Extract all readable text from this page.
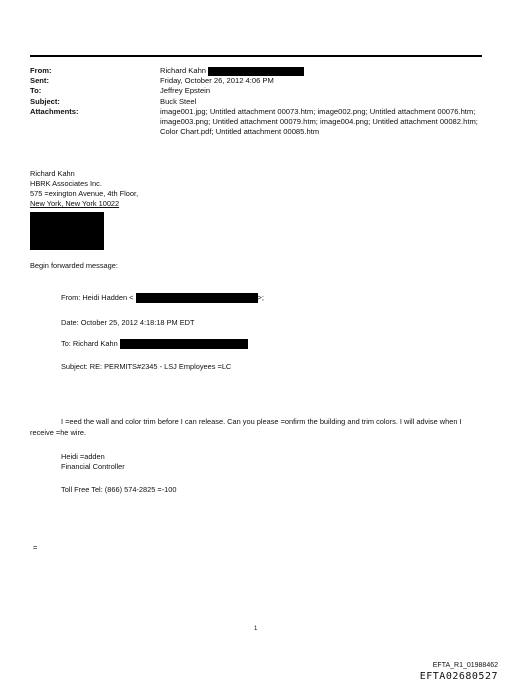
From:	Richard Kahn
Sent:	Friday, October 26, 2012 4:06 PM
To:	Jeffrey Epstein
Subject:	Buck Steel
Attachments:	image001.jpg; Untitled attachment 00073.htm; image002.png; Untitled attachment 00076.htm; image003.png; Untitled attachment 00079.htm; image004.png; Untitled attachment 00082.htm; Color Chart.pdf; Untitled attachment 00085.htm
Richard Kahn
HBRK Associates Inc.
575 =exington Avenue, 4th Floor,
New York, New York 10022
Begin forwarded message:
From: Heidi Hadden <	>;
Date: October 25, 2012 4:18:18 PM EDT
To: Richard Kahn
Subject: RE: PERMITS#2345 - LSJ Employees =LC
I =eed the wall and color trim before I can release. Can you please =onfirm the building and trim colors. I will advise when I receive =he wire.
Heidi =adden
Financial Controller
Toll Free Tel: (866) 574-2825 =-100
=
1
EFTA_R1_01988462
EFTA02680527
